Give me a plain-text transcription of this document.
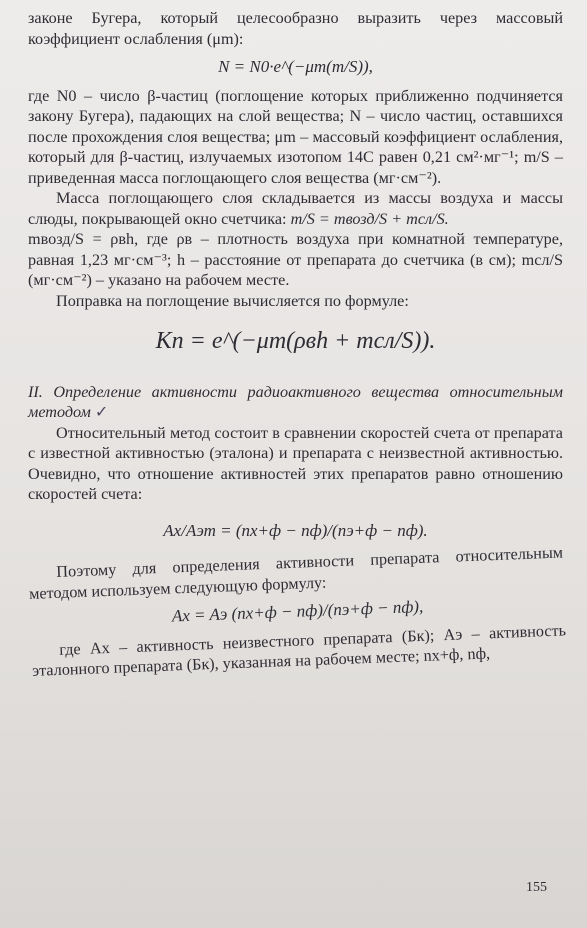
законе Бугера, который целесообразно выразить через массовый коэффициент ослабления (μm):

N = N0·e^(−μm(m/S)),

где N0 – число β-частиц (поглощение которых приближенно подчиняется закону Бугера), падающих на слой вещества; N – число частиц, оставшихся после прохождения слоя вещества; μm – массовый коэффициент ослабления, который для β-частиц, излучаемых изотопом 14C равен 0,21 см²·мг⁻¹; m/S – приведенная масса поглощающего слоя вещества (мг·см⁻²).

Масса поглощающего слоя складывается из массы воздуха и массы слюды, покрывающей окно счетчика: m/S = mвозд/S + mсл/S.

mвозд/S = ρвh, где ρв – плотность воздуха при комнатной температуре, равная 1,23 мг·см⁻³; h – расстояние от препарата до счетчика (в см); mсл/S (мг·см⁻²) – указано на рабочем месте.

Поправка на поглощение вычисляется по формуле:

Kп = e^(−μm(ρвh + mсл/S)).

II. Определение активности радиоактивного вещества относительным методом ✓

Относительный метод состоит в сравнении скоростей счета от препарата с известной активностью (эталона) и препарата с неизвестной активностью. Очевидно, что отношение активностей этих препаратов равно отношению скоростей счета:

Ax/Aэт = (nx+ф − nф)/(nэ+ф − nф).

Поэтому для определения активности препарата относительным методом используем следующую формулу:

Ax = Aэ (nx+ф − nф)/(nэ+ф − nф),

где Ax – активность неизвестного препарата (Бк); Aэ – активность эталонного препарата (Бк), указанная на рабочем месте; nx+ф, nф,

155
